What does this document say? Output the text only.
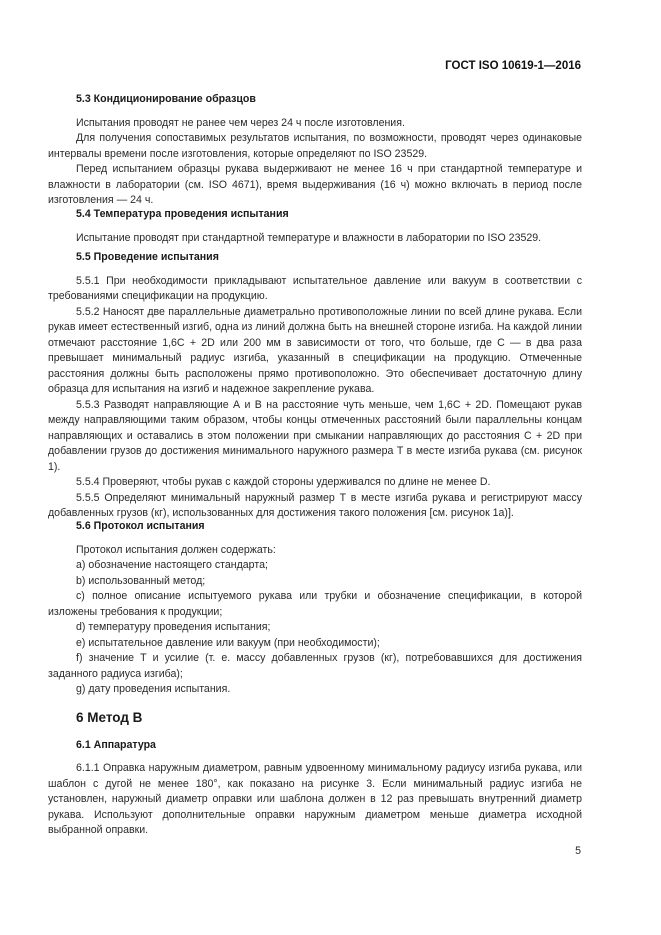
ГОСТ ISO 10619-1—2016
5.3 Кондиционирование образцов

Испытания проводят не ранее чем через 24 ч после изготовления.

Для получения сопоставимых результатов испытания, по возможности, проводят через одинаковые интервалы времени после изготовления, которые определяют по ISO 23529.

Перед испытанием образцы рукава выдерживают не менее 16 ч при стандартной температуре и влажности в лаборатории (см. ISO 4671), время выдерживания (16 ч) можно включать в период после изготовления — 24 ч.

5.4 Температура проведения испытания

Испытание проводят при стандартной температуре и влажности в лаборатории по ISO 23529.

5.5 Проведение испытания

5.5.1 При необходимости прикладывают испытательное давление или вакуум в соответствии с требованиями спецификации на продукцию.

5.5.2 Наносят две параллельные диаметрально противоположные линии по всей длине рукава. Если рукав имеет естественный изгиб, одна из линий должна быть на внешней стороне изгиба. На каждой линии отмечают расстояние 1,6C + 2D или 200 мм в зависимости от того, что больше, где C — в два раза превышает минимальный радиус изгиба, указанный в спецификации на продукцию. Отмеченные расстояния должны быть расположены прямо противоположно. Это обеспечивает достаточную длину образца для испытания на изгиб и надежное закрепление рукава.

5.5.3 Разводят направляющие А и В на расстояние чуть меньше, чем 1,6C + 2D. Помещают рукав между направляющими таким образом, чтобы концы отмеченных расстояний были параллельны концам направляющих и оставались в этом положении при смыкании направляющих до расстояния C + 2D при добавлении грузов до достижения минимального наружного размера T в месте изгиба рукава (см. рисунок 1).

5.5.4 Проверяют, чтобы рукав с каждой стороны удерживался по длине не менее D.

5.5.5 Определяют минимальный наружный размер T в месте изгиба рукава и регистрируют массу добавленных грузов (кг), использованных для достижения такого положения [см. рисунок 1а)].

5.6 Протокол испытания

Протокол испытания должен содержать:

a) обозначение настоящего стандарта;

b) использованный метод;

c) полное описание испытуемого рукава или трубки и обозначение спецификации, в которой изложены требования к продукции;

d) температуру проведения испытания;

e) испытательное давление или вакуум (при необходимости);

f) значение T и усилие (т. е. массу добавленных грузов (кг), потребовавшихся для достижения заданного радиуса изгиба);

g) дату проведения испытания.

6 Метод В
6.1 Аппаратура

6.1.1 Оправка наружным диаметром, равным удвоенному минимальному радиусу изгиба рукава, или шаблон с дугой не менее 180°, как показано на рисунке 3. Если минимальный радиус изгиба не установлен, наружный диаметр оправки или шаблона должен в 12 раз превышать внутренний диаметр рукава. Используют дополнительные оправки наружным диаметром меньше диаметра исходной выбранной оправки.

5
